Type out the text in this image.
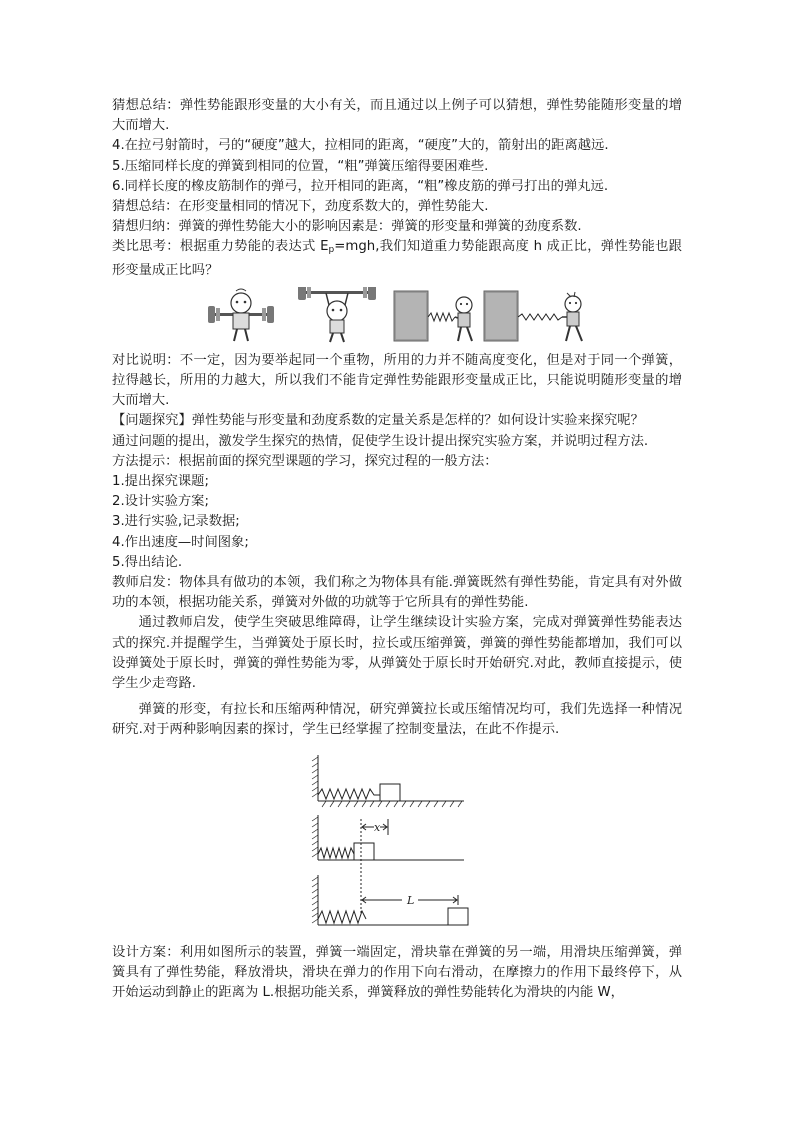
猜想总结：弹性势能跟形变量的大小有关，而且通过以上例子可以猜想，弹性势能随形变量的增大而增大.

4.在拉弓射箭时，弓的“硬度”越大，拉相同的距离，“硬度”大的，箭射出的距离越远.

5.压缩同样长度的弹簧到相同的位置，“粗”弹簧压缩得要困难些.

6.同样长度的橡皮筋制作的弹弓，拉开相同的距离，“粗”橡皮筋的弹弓打出的弹丸远.

猜想总结：在形变量相同的情况下，劲度系数大的，弹性势能大.

猜想归纳：弹簧的弹性势能大小的影响因素是：弹簧的形变量和弹簧的劲度系数.

类比思考：根据重力势能的表达式 $E_p=mgh$,我们知道重力势能跟高度 h 成正比，弹性势能也跟形变量成正比吗？

对比说明：不一定，因为要举起同一个重物，所用的力并不随高度变化，但是对于同一个弹簧，拉得越长，所用的力越大，所以我们不能肯定弹性势能跟形变量成正比，只能说明随形变量的增大而增大.

【问题探究】弹性势能与形变量和劲度系数的定量关系是怎样的？如何设计实验来探究呢？

通过问题的提出，激发学生探究的热情，促使学生设计提出探究实验方案，并说明过程方法.

方法提示：根据前面的探究型课题的学习，探究过程的一般方法：

1.提出探究课题;

2.设计实验方案;

3.进行实验,记录数据;

4.作出速度—时间图象;

5.得出结论.

教师启发：物体具有做功的本领，我们称之为物体具有能.弹簧既然有弹性势能，肯定具有对外做功的本领，根据功能关系，弹簧对外做的功就等于它所具有的弹性势能.

通过教师启发，使学生突破思维障碍，让学生继续设计实验方案，完成对弹簧弹性势能表达式的探究.并提醒学生，当弹簧处于原长时，拉长或压缩弹簧，弹簧的弹性势能都增加，我们可以设弹簧处于原长时，弹簧的弹性势能为零，从弹簧处于原长时开始研究.对此，教师直接提示，使学生少走弯路.

弹簧的形变，有拉长和压缩两种情况，研究弹簧拉长或压缩情况均可，我们先选择一种情况研究.对于两种影响因素的探讨，学生已经掌握了控制变量法，在此不作提示.

x
L

设计方案：利用如图所示的装置，弹簧一端固定，滑块靠在弹簧的另一端，用滑块压缩弹簧，弹簧具有了弹性势能，释放滑块，滑块在弹力的作用下向右滑动，在摩擦力的作用下最终停下，从开始运动到静止的距离为 L.根据功能关系，弹簧释放的弹性势能转化为滑块的内能 W，
